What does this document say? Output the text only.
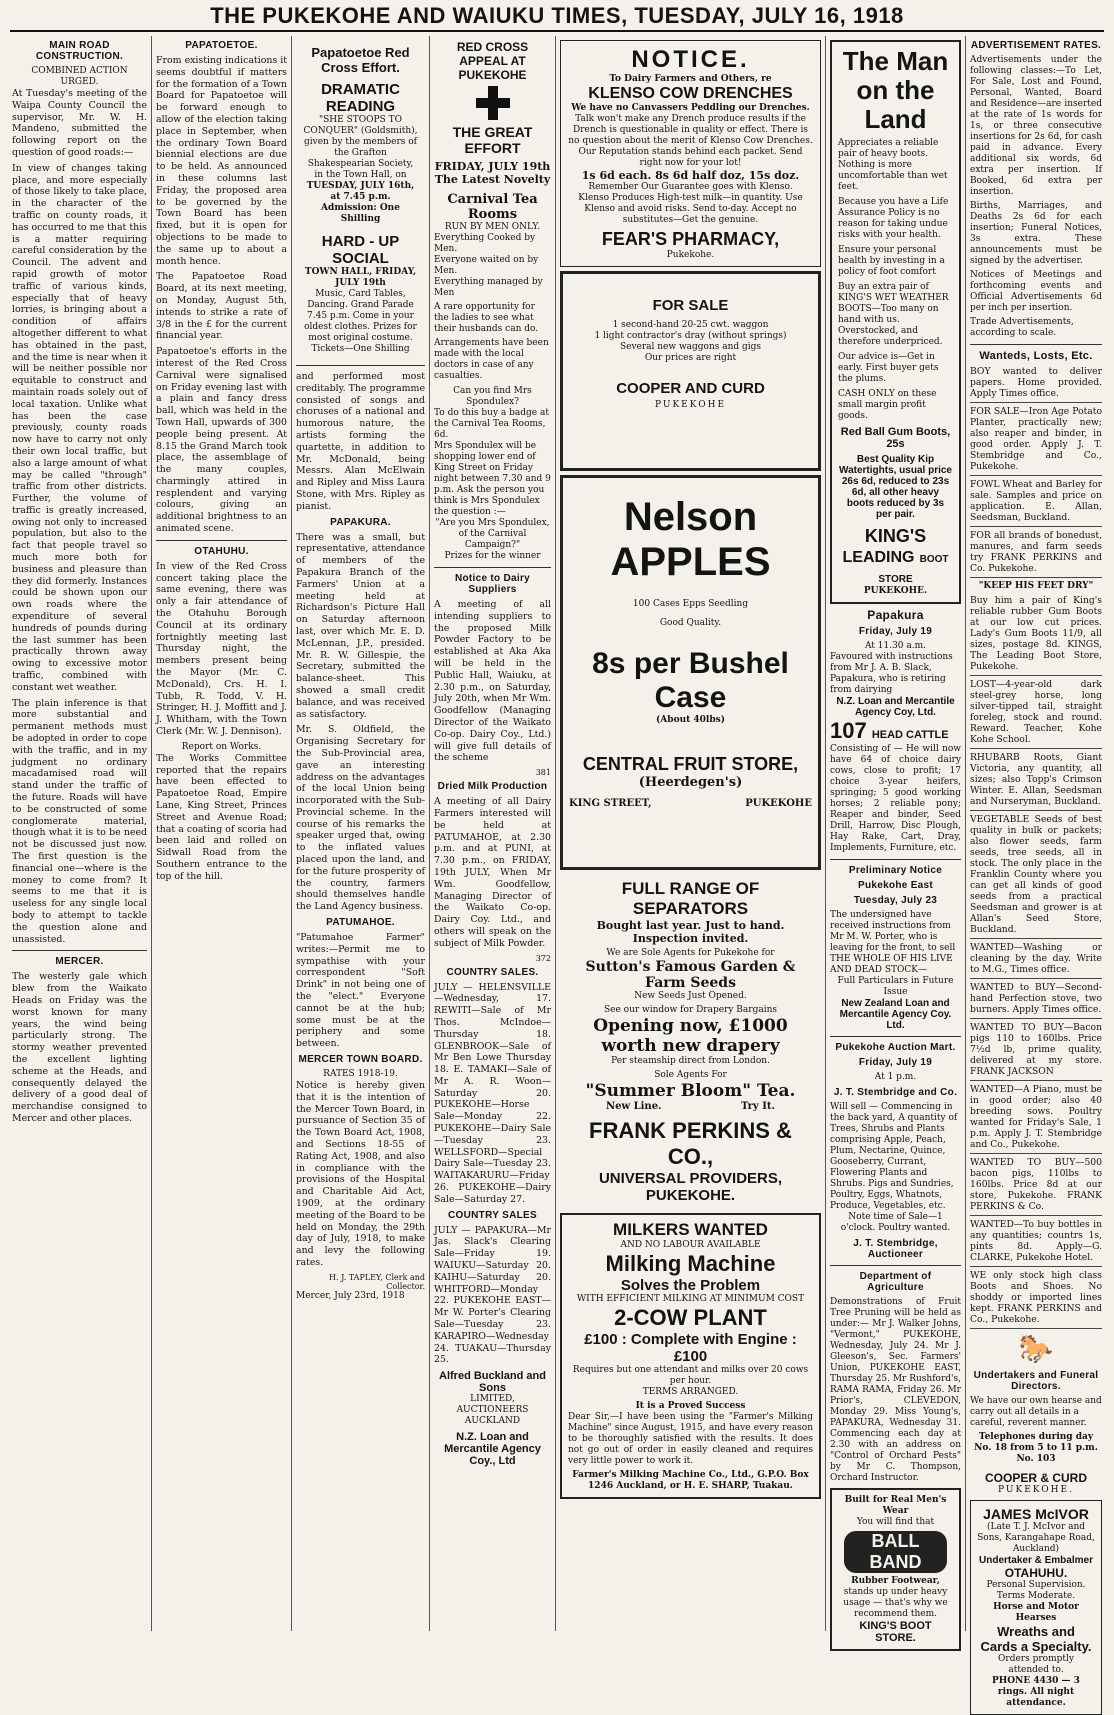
THE PUKEKOHE AND WAIUKU TIMES, TUESDAY, JULY 16, 1918
MAIN ROAD CONSTRUCTION.
COMBINED ACTION URGED.

At Tuesday's meeting of the Waipa County Council the supervisor, Mr. W. H. Mandeno, submitted the following report on the question of good roads:—

In view of changes taking place, and more especially of those likely to take place, in the character of the traffic on county roads, it has occurred to me that this is a matter requiring careful consideration by the Council. The advent and rapid growth of motor traffic of various kinds, especially that of heavy lorries, is bringing about a condition of affairs altogether different to what has obtained in the past, and the time is near when it will be neither possible nor equitable to construct and maintain roads solely out of local taxation. Unlike what has been the case previously, county roads now have to carry not only their own local traffic, but also a large amount of what may be called "through" traffic from other districts. Further, the volume of traffic is greatly increased, owing not only to increased population, but also to the fact that people travel so much more both for business and pleasure than they did formerly. Instances could be shown upon our own roads where the expenditure of several hundreds of pounds during the last summer has been practically thrown away owing to excessive motor traffic, combined with constant wet weather.

The plain inference is that more substantial and permanent methods must be adopted in order to cope with the traffic, and in my judgment no ordinary macadamised road will stand under the traffic of the future. Roads will have to be constructed of some conglomerate material, though what it is to be need not be discussed just now. The first question is the financial one—where is the money to come from? It seems to me that it is useless for any single local body to attempt to tackle the question alone and unassisted.

MERCER.

The westerly gale which blew from the Waikato Heads on Friday was the worst known for many years, the wind being particularly strong. The stormy weather prevented the excellent lighting scheme at the Heads, and consequently delayed the delivery of a good deal of merchandise consigned to Mercer and other places.

PAPATOETOE.

From existing indications it seems doubtful if matters for the formation of a Town Board for Papatoetoe will be forward enough to allow of the election taking place in September, when the ordinary Town Board biennial elections are due to be held. As announced in these columns last Friday, the proposed area to be governed by the Town Board has been fixed, but it is open for objections to be made to the same up to about a month hence.

The Papatoetoe Road Board, at its next meeting, on Monday, August 5th, intends to strike a rate of 3/8 in the £ for the current financial year.

Papatoetoe's efforts in the interest of the Red Cross Carnival were signalised on Friday evening last with a plain and fancy dress ball, which was held in the Town Hall, upwards of 300 people being present. At 8.15 the Grand March took place, the assemblage of the many couples, charmingly attired in resplendent and varying colours, giving an additional brightness to an animated scene.

OTAHUHU.

In view of the Red Cross concert taking place the same evening, there was only a fair attendance of the Otahuhu Borough Council at its ordinary fortnightly meeting last Thursday night, the members present being the Mayor (Mr. C. McDonald), Crs. H. I. Tubb, R. Todd, V. H. Stringer, H. J. Moffitt and J. J. Whitham, with the Town Clerk (Mr. W. J. Dennison).

Report on Works.

The Works Committee reported that the repairs have been effected to Papatoetoe Road, Empire Lane, King Street, Princes Street and Avenue Road; that a coating of scoria had been laid and rolled on Sidwall Road from the Southern entrance to the top of the hill.

Papatoetoe Red Cross Effort.
DRAMATIC READING
"SHE STOOPS TO CONQUER" (Goldsmith), given by the members of the Grafton Shakespearian Society, in the Town Hall, on
TUESDAY, JULY 16th, at 7.45 p.m. Admission: One Shilling
HARD - UP SOCIAL
TOWN HALL, FRIDAY, JULY 19th
Music, Card Tables, Dancing. Grand Parade 7.45 p.m. Come in your oldest clothes. Prizes for most original costume. Tickets—One Shilling

and performed most creditably. The programme consisted of songs and choruses of a national and humorous nature, the artists forming the quartette, in addition to Mr. McDonald, being Messrs. Alan McElwain and Ripley and Miss Laura Stone, with Mrs. Ripley as pianist.

PAPAKURA.

There was a small, but representative, attendance of members of the Papakura Branch of the Farmers' Union at a meeting held at Richardson's Picture Hall on Saturday afternoon last, over which Mr. E. D. McLennan, J.P., presided. Mr. R. W. Gillespie, the Secretary, submitted the balance-sheet. This showed a small credit balance, and was received as satisfactory.

Mr. S. Oldfield, the Organising Secretary for the Sub-Provincial area, gave an interesting address on the advantages of the local Union being incorporated with the Sub-Provincial scheme. In the course of his remarks the speaker urged that, owing to the inflated values placed upon the land, and for the future prosperity of the country, farmers should themselves handle the Land Agency business.

PATUMAHOE.

"Patumahoe Farmer" writes:—Permit me to sympathise with your correspondent "Soft Drink" in not being one of the "elect." Everyone cannot be at the hub; some must be at the periphery and some between.

MERCER TOWN BOARD.
RATES 1918-19.

Notice is hereby given that it is the intention of the Mercer Town Board, in pursuance of Section 35 of the Town Board Act, 1908, and Sections 18-55 of Rating Act, 1908, and also in compliance with the provisions of the Hospital and Charitable Aid Act, 1909, at the ordinary meeting of the Board to be held on Monday, the 29th day of July, 1918, to make and levy the following rates.

H. J. TAPLEY, Clerk and Collector.
Mercer, July 23rd, 1918
RED CROSS APPEAL AT PUKEKOHE
THE GREAT EFFORT
FRIDAY, JULY 19th
The Latest Novelty
Carnival Tea Rooms
RUN BY MEN ONLY.
Everything Cooked by Men.
Everyone waited on by Men.
Everything managed by Men
A rare opportunity for the ladies to see what their husbands can do.
Arrangements have been made with the local doctors in case of any casualties.
Can you find Mrs Spondulex?
To do this buy a badge at the Carnival Tea Rooms, 6d.
Mrs Spondulex will be shopping lower end of King Street on Friday night between 7.30 and 9 p.m. Ask the person you think is Mrs Spondulex the question :—
"Are you Mrs Spondulex, of the Carnival Campaign?"
Prizes for the winner
Notice to Dairy Suppliers

A meeting of all intending suppliers to the proposed Milk Powder Factory to be established at Aka Aka will be held in the Public Hall, Waiuku, at 2.30 p.m., on Saturday, July 20th, when Mr Wm. Goodfellow (Managing Director of the Waikato Co-op. Dairy Coy., Ltd.) will give full details of the scheme

381
Dried Milk Production

A meeting of all Dairy Farmers interested will be held at PATUMAHOE, at 2.30 p.m. and at PUNI, at 7.30 p.m., on FRIDAY, 19th JULY, When Mr Wm. Goodfellow, Managing Director of the Waikato Co-op. Dairy Coy. Ltd., and others will speak on the subject of Milk Powder.

372
COUNTRY SALES.

JULY — HELENSVILLE—Wednesday, 17. REWITI—Sale of Mr Thos. McIndoe—Thursday 18. GLENBROOK—Sale of Mr Ben Lowe Thursday 18. E. TAMAKI—Sale of Mr A. R. Woon—Saturday 20. PUKEKOHE—Horse Sale—Monday 22. PUKEKOHE—Dairy Sale—Tuesday 23. WELLSFORD—Special Dairy Sale—Tuesday 23. WAITAKARURU—Friday 26. PUKEKOHE—Dairy Sale—Saturday 27.

COUNTRY SALES

JULY — PAPAKURA—Mr Jas. Slack's Clearing Sale—Friday 19. WAIUKU—Saturday 20. KAIHU—Saturday 20. WHITFORD—Monday 22. PUKEKOHE EAST—Mr W. Porter's Clearing Sale—Tuesday 23. KARAPIRO—Wednesday 24. TUAKAU—Thursday 25.

Alfred Buckland and Sons
LIMITED, AUCTIONEERS AUCKLAND
N.Z. Loan and Mercantile Agency Coy., Ltd
NOTICE.
To Dairy Farmers and Others, re
KLENSO COW DRENCHES
We have no Canvassers Peddling our Drenches.
Talk won't make any Drench produce results if the Drench is questionable in quality or effect. There is no question about the merit of Klenso Cow Drenches. Our Reputation stands behind each packet. Send right now for your lot!
1s 6d each. 8s 6d half doz, 15s doz.
Remember Our Guarantee goes with Klenso.
Klenso Produces High-test milk—in quantity. Use Klenso and avoid risks. Send to-day. Accept no substitutes—Get the genuine.
FEAR'S PHARMACY,
Pukekohe.
FOR SALE
1 second-hand 20-25 cwt. waggon
1 light contractor's dray (without springs)
Several new waggons and gigs
Our prices are right
COOPER AND CURD
PUKEKOHE
Nelson
APPLES
100 Cases Epps Seedling
Good Quality.
8s per Bushel Case
(About 40lbs)
CENTRAL FRUIT STORE,
(Heerdegen's)
KING STREET,	PUKEKOHE
FULL RANGE OF SEPARATORS
Bought last year. Just to hand.
Inspection invited.
We are Sole Agents for Pukekohe for
Sutton's Famous Garden & Farm Seeds
New Seeds Just Opened.
See our window for Drapery Bargains
Opening now, £1000 worth new drapery
Per steamship direct from London.
Sole Agents For
"Summer Bloom" Tea.
New Line.	Try It.
FRANK PERKINS & CO.,
UNIVERSAL PROVIDERS,
PUKEKOHE.
MILKERS WANTED
AND NO LABOUR AVAILABLE
Milking Machine
Solves the Problem
WITH EFFICIENT MILKING AT MINIMUM COST
2-COW PLANT
£100 : Complete with Engine : £100
Requires but one attendant and milks over 20 cows per hour.
TERMS ARRANGED.
It is a Proved Success
Dear Sir,—I have been using the "Farmer's Milking Machine" since August, 1915, and have every reason to be thoroughly satisfied with the results. It does not go out of order in easily cleaned and requires very little power to work it.
Farmer's Milking Machine Co., Ltd., G.P.O. Box 1246 Auckland, or H. E. SHARP, Tuakau.
The Man on the Land
Appreciates a reliable pair of heavy boots. Nothing is more uncomfortable than wet feet.
Because you have a Life Assurance Policy is no reason for taking undue risks with your health.
Ensure your personal health by investing in a policy of foot comfort
Buy an extra pair of KING'S WET WEATHER BOOTS—Too many on hand with us. Overstocked, and therefore underpriced.
Our advice is—Get in early. First buyer gets the plums.
CASH ONLY on these small margin profit goods.
Red Ball Gum Boots, 25s
Best Quality Kip Watertights, usual price 26s 6d, reduced to 23s 6d, all other heavy boots reduced by 3s per pair.
KING'S
LEADING BOOT STORE
PUKEKOHE.
Papakura
Friday, July 19
At 11.30 a.m.
Favoured with instructions from Mr J. A. B. Slack, Papakura, who is retiring from dairying
N.Z. Loan and Mercantile Agency Coy, Ltd.
107 HEAD CATTLE
Consisting of — He will now have 64 of choice dairy cows, close to profit; 17 choice 3-year heifers, springing; 5 good working horses; 2 reliable pony; Reaper and binder, Seed Drill, Harrow, Disc Plough, Hay Rake, Cart, Dray, Implements, Furniture, etc.
Preliminary Notice
Pukekohe East
Tuesday, July 23
The undersigned have received instructions from Mr M. W. Porter, who is leaving for the front, to sell THE WHOLE OF HIS LIVE AND DEAD STOCK—
Full Particulars in Future Issue
New Zealand Loan and Mercantile Agency Coy. Ltd.
Pukekohe Auction Mart.
Friday, July 19
At 1 p.m.
J. T. Stembridge and Co.
Will sell — Commencing in the back yard, A quantity of Trees, Shrubs and Plants comprising Apple, Peach, Plum, Nectarine, Quince, Gooseberry, Currant, Flowering Plants and Shrubs. Pigs and Sundries, Poultry, Eggs, Whatnots, Produce, Vegetables, etc.
Note time of Sale—1 o'clock. Poultry wanted.
J. T. Stembridge, Auctioneer
Department of Agriculture
Demonstrations of Fruit Tree Pruning will be held as under:— Mr J. Walker Johns, "Vermont," PUKEKOHE, Wednesday, July 24. Mr J. Gleeson's, Sec. Farmers' Union, PUKEKOHE EAST, Thursday 25. Mr Rushford's, RAMA RAMA, Friday 26. Mr Prior's, CLEVEDON, Monday 29. Miss Young's, PAPAKURA, Wednesday 31. Commencing each day at 2.30 with an address on "Control of Orchard Pests" by Mr C. Thompson, Orchard Instructor.
Built for Real Men's Wear
You will find that
BALL BAND
Rubber Footwear,
stands up under heavy usage — that's why we recommend them.
KING'S BOOT STORE.
ADVERTISEMENT RATES.
Advertisements under the following classes:—To Let, For Sale, Lost and Found, Personal, Wanted, Board and Residence—are inserted at the rate of 1s words for 1s, or three consecutive insertions for 2s 6d, for cash paid in advance. Every additional six words, 6d extra per insertion. If Booked, 6d extra per insertion.
Births, Marriages, and Deaths 2s 6d for each insertion; Funeral Notices, 3s extra. These announcements must be signed by the advertiser.
Notices of Meetings and forthcoming events and Official Advertisements 6d per inch per insertion.
Trade Advertisements, according to scale.
Wanteds, Losts, Etc.
BOY wanted to deliver papers. Home provided. Apply Times office.
FOR SALE—Iron Age Potato Planter, practically new; also reaper and binder, in good order. Apply J. T. Stembridge and Co., Pukekohe.
FOWL Wheat and Barley for sale. Samples and price on application. E. Allan, Seedsman, Buckland.
FOR all brands of bonedust, manures, and farm seeds try FRANK PERKINS and Co. Pukekohe.
"KEEP HIS FEET DRY"
Buy him a pair of King's reliable rubber Gum Boots at our low cut prices. Lady's Gum Boots 11/9, all sizes, postage 8d. KINGS, The Leading Boot Store, Pukekohe.
LOST—4-year-old dark steel-grey horse, long silver-tipped tail, straight foreleg, stock and round. Reward. Teacher, Kohe Kohe School.
RHUBARB Roots, Giant Victoria, any quantity, all sizes; also Topp's Crimson Winter. E. Allan, Seedsman and Nurseryman, Buckland.
VEGETABLE Seeds of best quality in bulk or packets; also flower seeds, farm seeds, tree seeds, all in stock. The only place in the Franklin County where you can get all kinds of good seeds from a practical Seedsman and grower is at Allan's Seed Store, Buckland.
WANTED—Washing or cleaning by the day. Write to M.G., Times office.
WANTED to BUY—Second-hand Perfection stove, two burners. Apply Times office.
WANTED TO BUY—Bacon pigs 110 to 160lbs. Price 7½d lb, prime quality, delivered at my store. FRANK JACKSON
WANTED—A Piano, must be in good order; also 40 breeding sows. Poultry wanted for Friday's Sale, 1 p.m. Apply J. T. Stembridge and Co., Pukekohe.
WANTED TO BUY—500 bacon pigs, 110lbs to 160lbs. Price 8d at our store, Pukekohe. FRANK PERKINS & Co.
WANTED—To buy bottles in any quantities; countrs 1s, pints 8d. Apply—G. CLARKE, Pukekohe Hotel.
WE only stock high class Boots and Shoes. No shoddy or imported lines kept. FRANK PERKINS and Co., Pukekohe.
🐎
Undertakers and Funeral Directors.
We have our own hearse and carry out all details in a careful, reverent manner.
Telephones during day No. 18 from 5 to 11 p.m. No. 103
COOPER & CURD
PUKEKOHE.
JAMES McIVOR
(Late T. J. McIvor and Sons, Karangahape Road, Auckland)
Undertaker & Embalmer
OTAHUHU.
Personal Supervision. Terms Moderate.
Horse and Motor Hearses
Wreaths and Cards a Specialty.
Orders promptly attended to.
PHONE 4430 — 3 rings. All night attendance.
